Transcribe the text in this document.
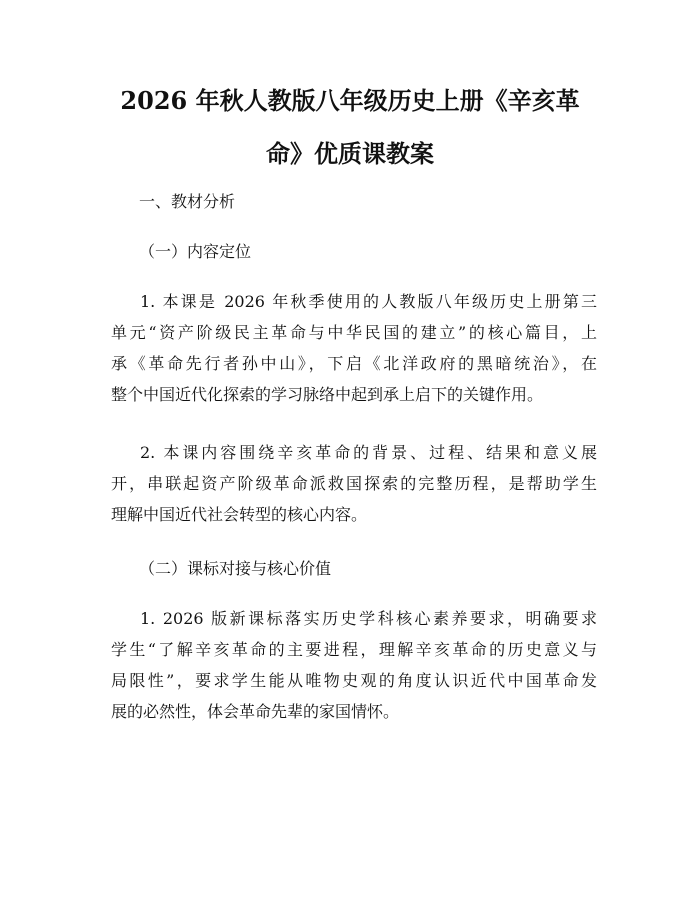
2026 年秋人教版八年级历史上册《辛亥革
命》优质课教案

一、教材分析

（一）内容定位

1. 本课是 2026 年秋季使用的人教版八年级历史上册第三
单元“资产阶级民主革命与中华民国的建立”的核心篇目，上
承《革命先行者孙中山》，下启《北洋政府的黑暗统治》，在
整个中国近代化探索的学习脉络中起到承上启下的关键作用。
2. 本课内容围绕辛亥革命的背景、过程、结果和意义展
开，串联起资产阶级革命派救国探索的完整历程，是帮助学生
理解中国近代社会转型的核心内容。

（二）课标对接与核心价值

1. 2026 版新课标落实历史学科核心素养要求，明确要求
学生“了解辛亥革命的主要进程，理解辛亥革命的历史意义与
局限性”，要求学生能从唯物史观的角度认识近代中国革命发
展的必然性，体会革命先辈的家国情怀。
